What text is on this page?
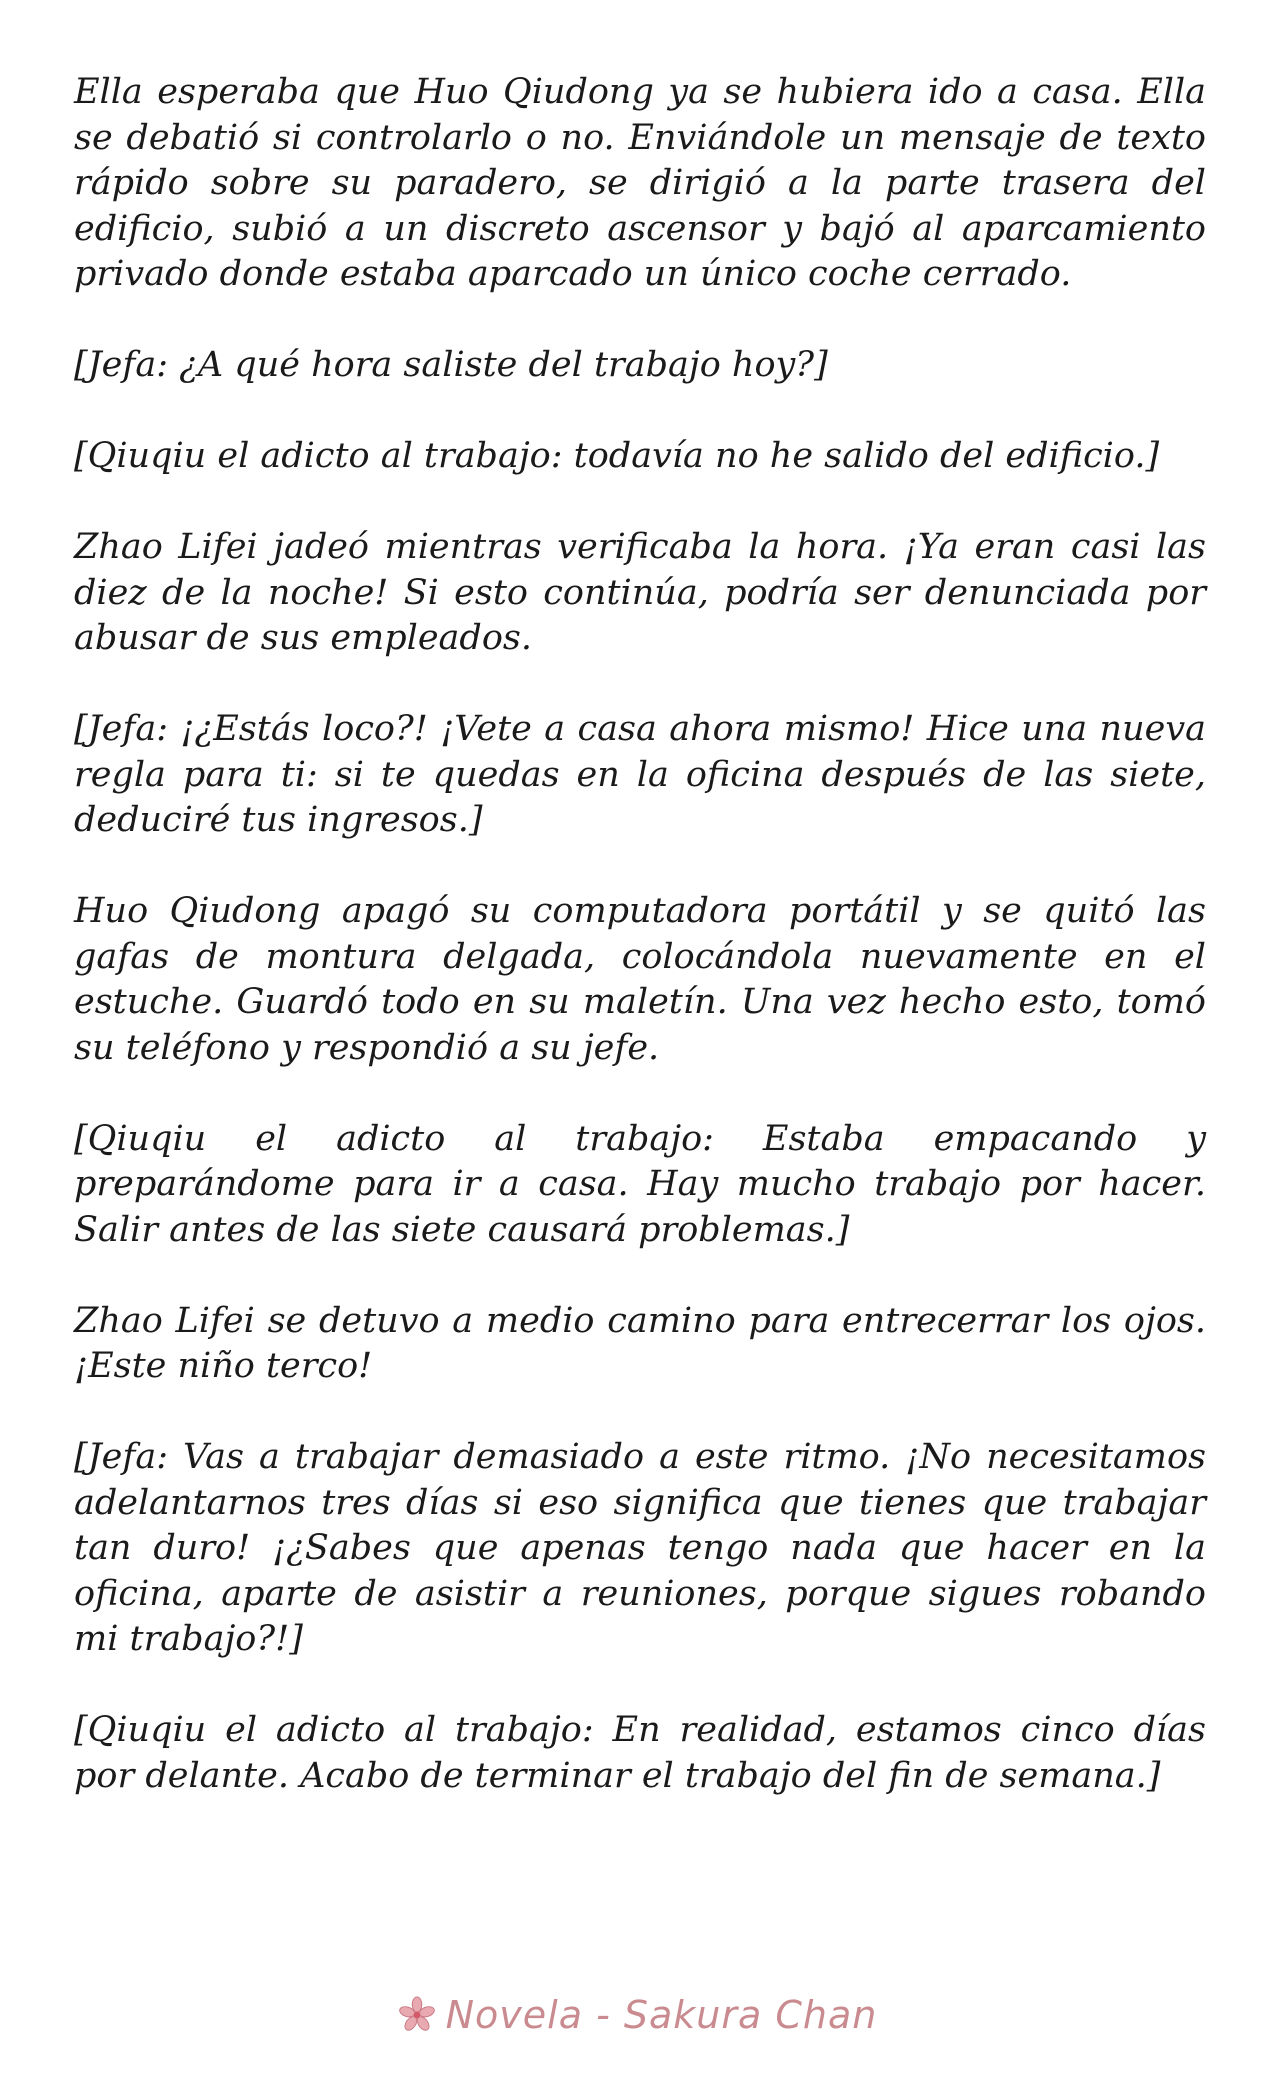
Ella esperaba que Huo Qiudong ya se hubiera ido a casa. Ella se debatió si controlarlo o no. Enviándole un mensaje de texto rápido sobre su paradero, se dirigió a la parte trasera del edificio, subió a un discreto ascensor y bajó al aparcamiento privado donde estaba aparcado un único coche cerrado.

[Jefa: ¿A qué hora saliste del trabajo hoy?]

[Qiuqiu el adicto al trabajo: todavía no he salido del edificio.]

Zhao Lifei jadeó mientras verificaba la hora. ¡Ya eran casi las diez de la noche! Si esto continúa, podría ser denunciada por abusar de sus empleados.

[Jefa: ¡¿Estás loco?! ¡Vete a casa ahora mismo! Hice una nueva regla para ti: si te quedas en la oficina después de las siete, deduciré tus ingresos.]

Huo Qiudong apagó su computadora portátil y se quitó las gafas de montura delgada, colocándola nuevamente en el estuche. Guardó todo en su maletín. Una vez hecho esto, tomó su teléfono y respondió a su jefe.

[Qiuqiu el adicto al trabajo: Estaba empacando y preparándome para ir a casa. Hay mucho trabajo por hacer. Salir antes de las siete causará problemas.]

Zhao Lifei se detuvo a medio camino para entrecerrar los ojos. ¡Este niño terco!

[Jefa: Vas a trabajar demasiado a este ritmo. ¡No necesitamos adelantarnos tres días si eso significa que tienes que trabajar tan duro! ¡¿Sabes que apenas tengo nada que hacer en la oficina, aparte de asistir a reuniones, porque sigues robando mi trabajo?!]

[Qiuqiu el adicto al trabajo: En realidad, estamos cinco días por delante. Acabo de terminar el trabajo del fin de semana.]

Novela - Sakura Chan
